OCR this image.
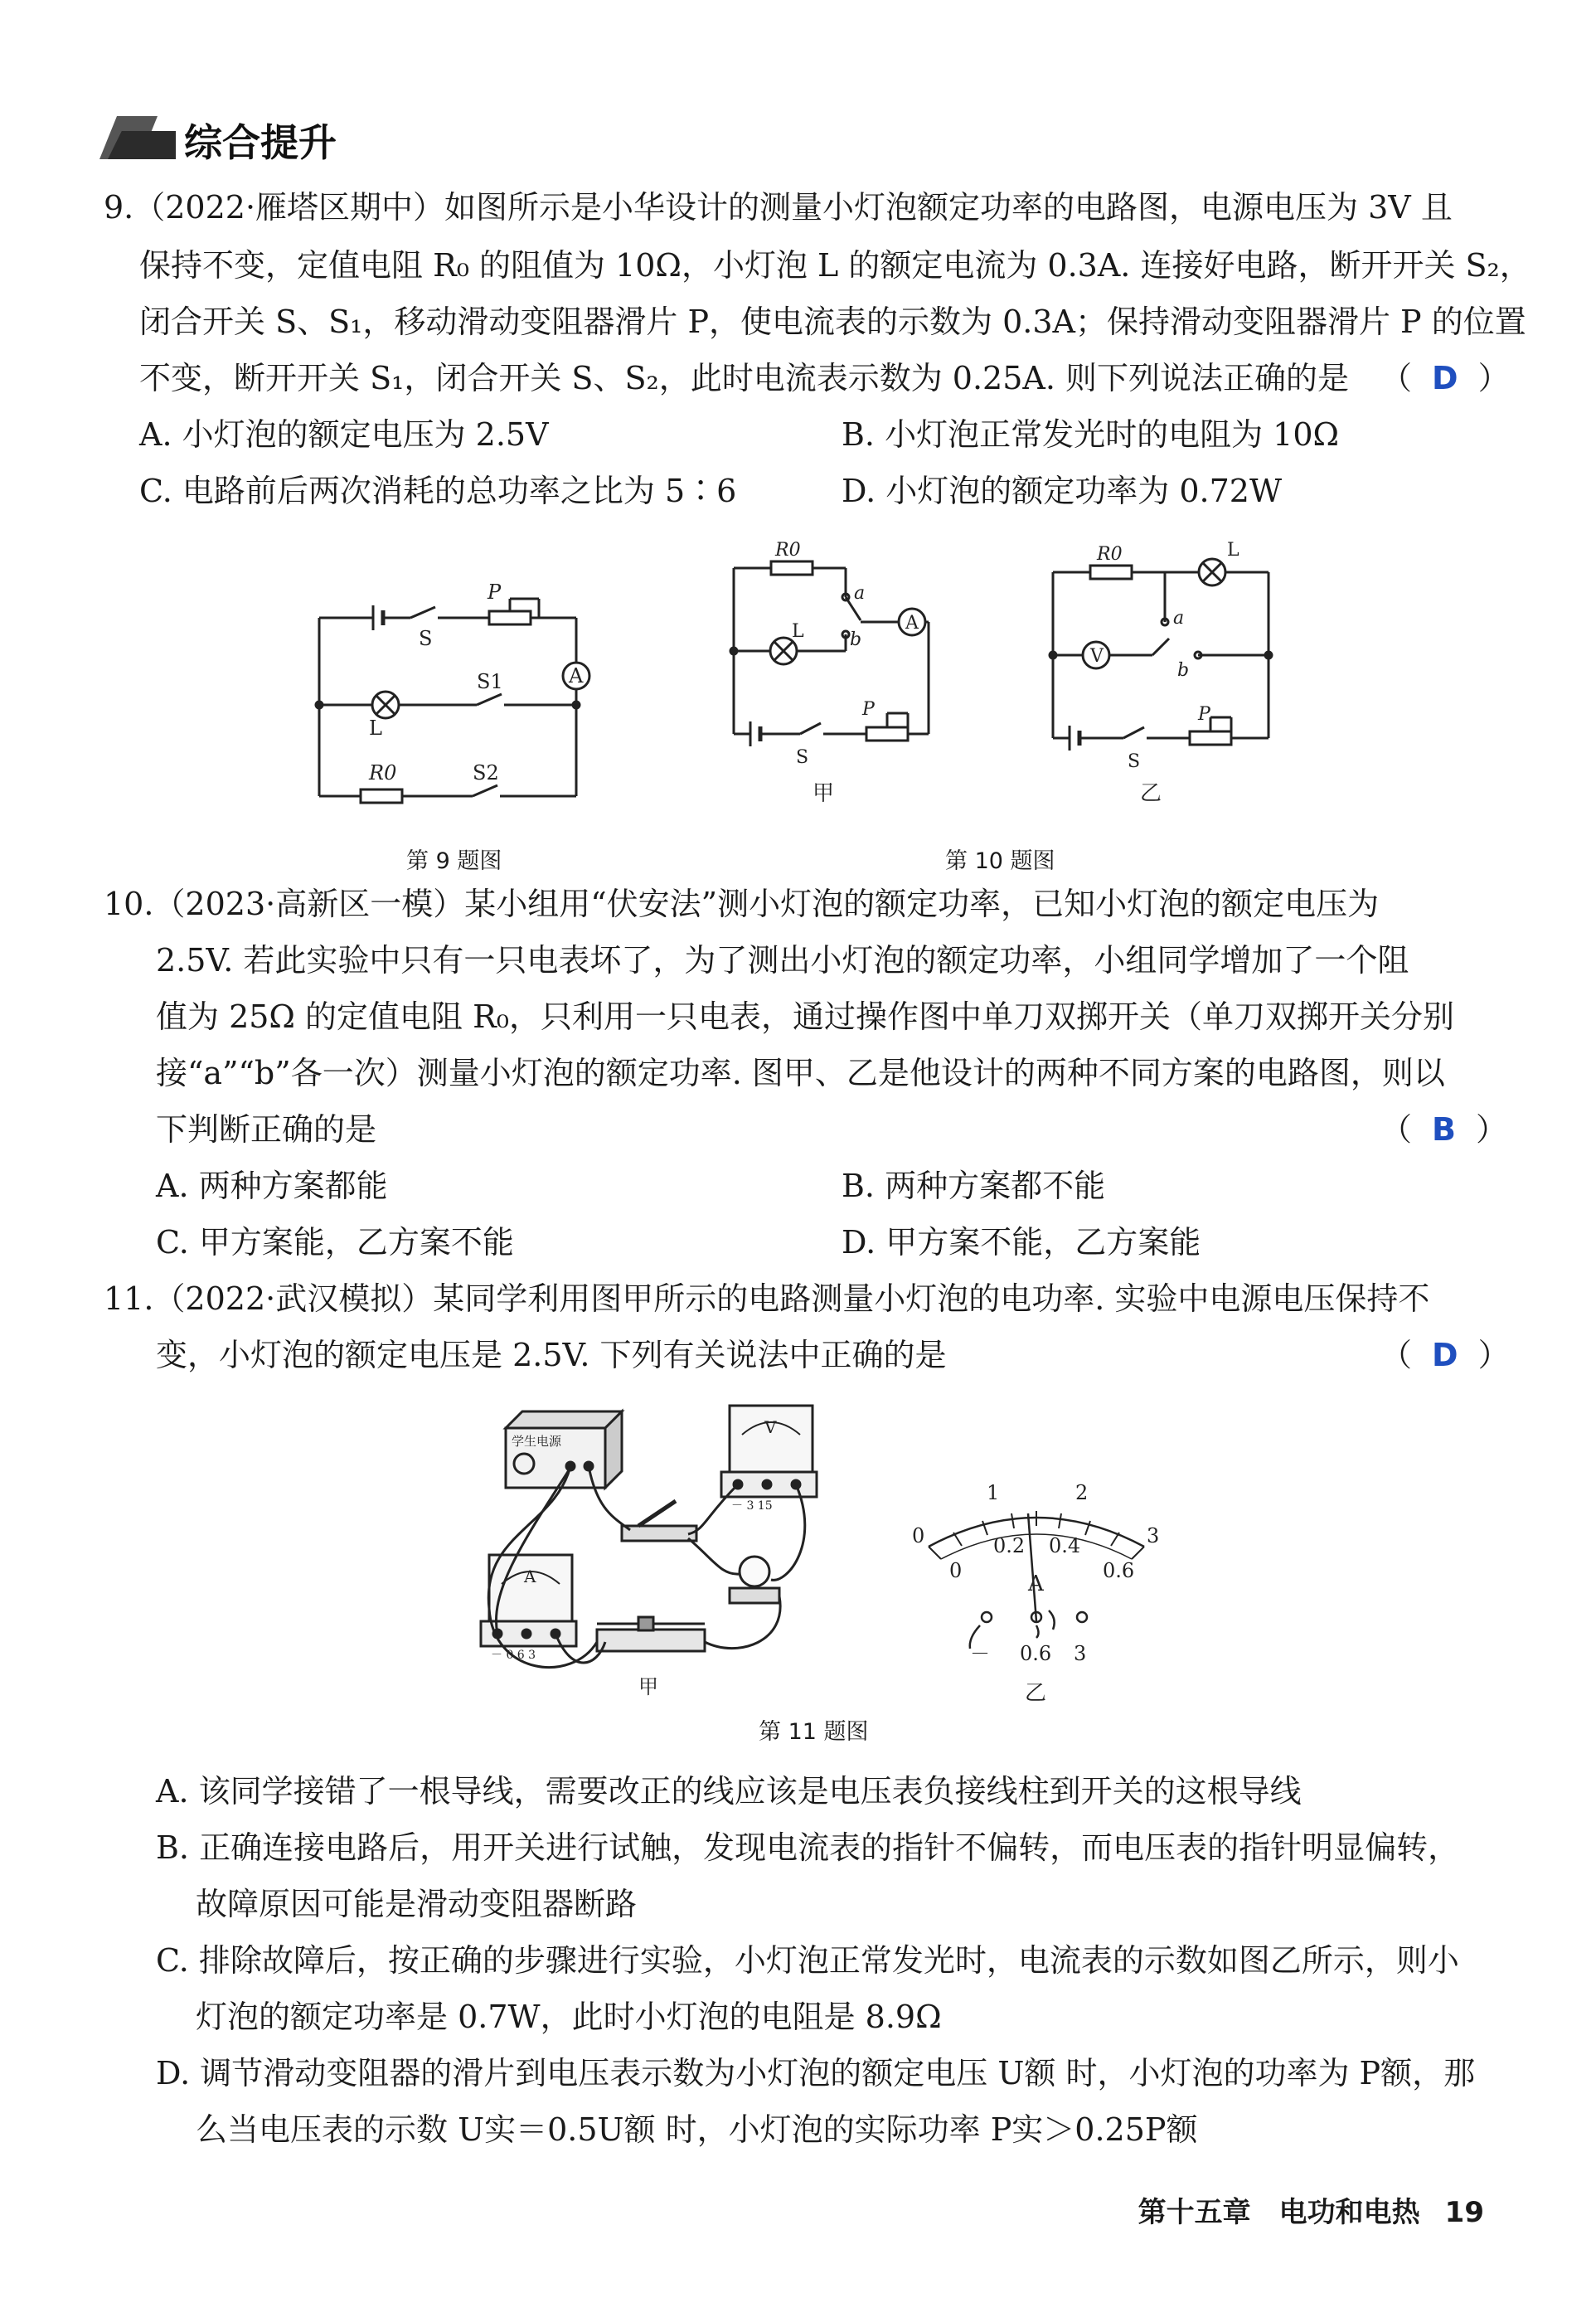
综合提升
9.（2022·雁塔区期中）如图所示是小华设计的测量小灯泡额定功率的电路图，电源电压为 3V 且
保持不变，定值电阻 R₀ 的阻值为 10Ω，小灯泡 L 的额定电流为 0.3A. 连接好电路，断开开关 S₂，
闭合开关 S、S₁，移动滑动变阻器滑片 P，使电流表的示数为 0.3A；保持滑动变阻器滑片 P 的位置
不变，断开开关 S₁，闭合开关 S、S₂，此时电流表示数为 0.25A. 则下列说法正确的是 （ D ）
A. 小灯泡的额定电压为 2.5V	B. 小灯泡正常发光时的电阻为 10Ω
C. 电路前后两次消耗的总功率之比为 5∶6	D. 小灯泡的额定功率为 0.72W
S
P
A
L
S1
R0	S2
第 9 题图
R0
a
b
L	A
P
S
甲
R0	L
V
a
b
P
S
乙
第 10 题图
10.（2023·高新区一模）某小组用“伏安法”测小灯泡的额定功率，已知小灯泡的额定电压为
2.5V. 若此实验中只有一只电表坏了，为了测出小灯泡的额定功率，小组同学增加了一个阻
值为 25Ω 的定值电阻 R₀，只利用一只电表，通过操作图中单刀双掷开关（单刀双掷开关分别
接“a”“b”各一次）测量小灯泡的额定功率. 图甲、乙是他设计的两种不同方案的电路图，则以
下判断正确的是	（ B ）
A. 两种方案都能	B. 两种方案都不能
C. 甲方案能，乙方案不能	D. 甲方案不能，乙方案能
11.（2022·武汉模拟）某同学利用图甲所示的电路测量小灯泡的电功率. 实验中电源电压保持不
变，小灯泡的额定电压是 2.5V. 下列有关说法中正确的是	（ D ）
学生电源
V
－ 3 15
A
－ 0.6 3
甲
0
1	2
3
0
0.2 0.4
0.6
A
－ 0.6 3
乙
第 11 题图
A. 该同学接错了一根导线，需要改正的线应该是电压表负接线柱到开关的这根导线
B. 正确连接电路后，用开关进行试触，发现电流表的指针不偏转，而电压表的指针明显偏转，
故障原因可能是滑动变阻器断路
C. 排除故障后，按正确的步骤进行实验，小灯泡正常发光时，电流表的示数如图乙所示，则小
灯泡的额定功率是 0.7W，此时小灯泡的电阻是 8.9Ω
D. 调节滑动变阻器的滑片到电压表示数为小灯泡的额定电压 U额 时，小灯泡的功率为 P额，那
么当电压表的示数 U实＝0.5U额 时，小灯泡的实际功率 P实＞0.25P额
第十五章　电功和电热 19
